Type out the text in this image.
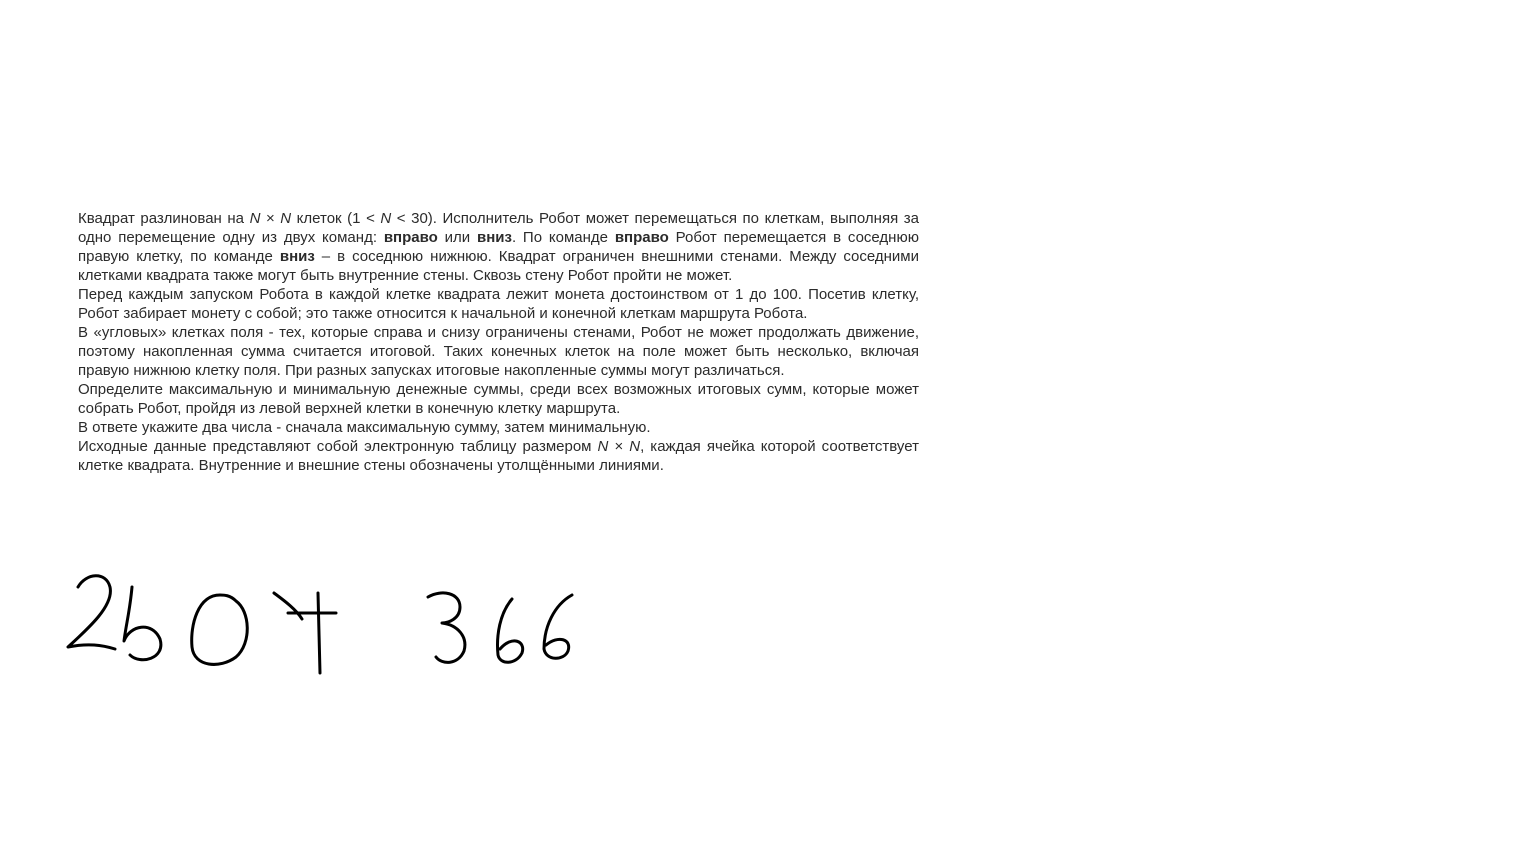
Квадрат разлинован на N × N клеток (1 < N < 30). Исполнитель Робот может перемещаться по клеткам, выполняя за одно перемещение одну из двух команд: вправо или вниз. По команде вправо Робот перемещается в соседнюю правую клетку, по команде вниз – в соседнюю нижнюю. Квадрат ограничен внешними стенами. Между соседними клетками квадрата также могут быть внутренние стены. Сквозь стену Робот пройти не может.

Перед каждым запуском Робота в каждой клетке квадрата лежит монета достоинством от 1 до 100. Посетив клетку, Робот забирает монету с собой; это также относится к начальной и конечной клеткам маршрута Робота.

В «угловых» клетках поля - тех, которые справа и снизу ограничены стенами, Робот не может продолжать движение, поэтому накопленная сумма считается итоговой. Таких конечных клеток на поле может быть несколько, включая правую нижнюю клетку поля. При разных запусках итоговые накопленные суммы могут различаться.

Определите максимальную и минимальную денежные суммы, среди всех возможных итоговых сумм, которые может собрать Робот, пройдя из левой верхней клетки в конечную клетку маршрута.

В ответе укажите два числа - сначала максимальную сумму, затем минимальную.

Исходные данные представляют собой электронную таблицу размером N × N, каждая ячейка которой соответствует клетке квадрата. Внутренние и внешние стены обозначены утолщёнными линиями.
